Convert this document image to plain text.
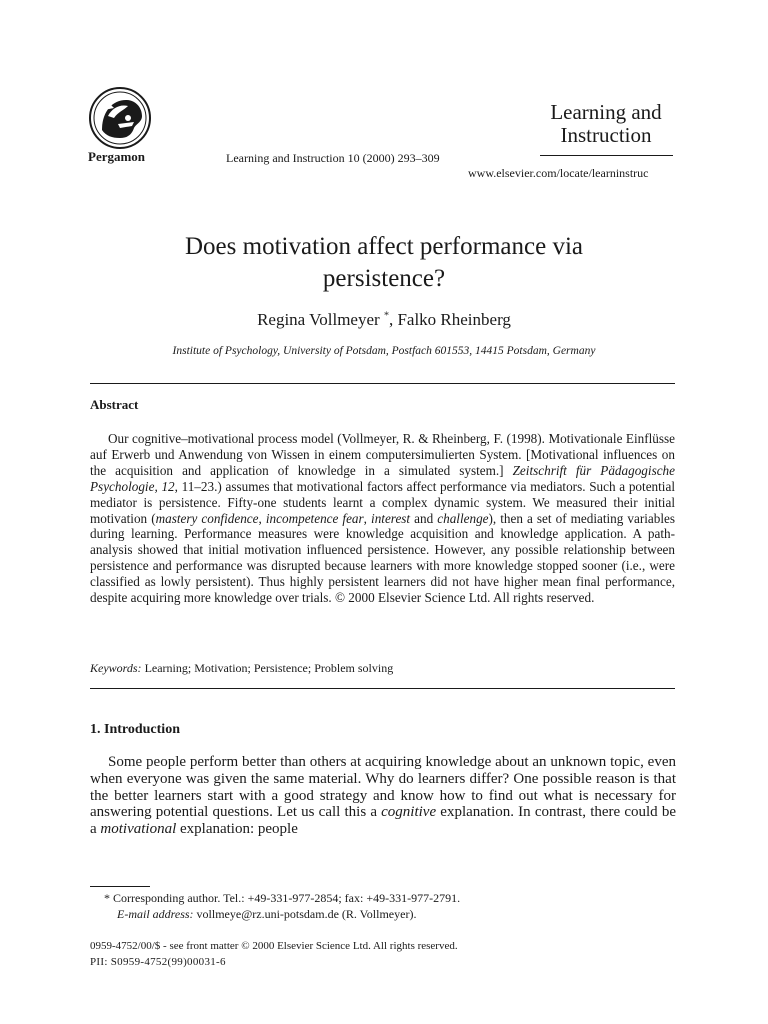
Pergamon	Learning and Instruction 10 (2000) 293–309
Learning and
Instruction
www.elsevier.com/locate/learninstruc
Does motivation affect performance via
persistence?
Regina Vollmeyer *, Falko Rheinberg
Institute of Psychology, University of Potsdam, Postfach 601553, 14415 Potsdam, Germany
Abstract

Our cognitive–motivational process model (Vollmeyer, R. & Rheinberg, F. (1998). Motivationale Einflüsse auf Erwerb und Anwendung von Wissen in einem computersimulierten System. [Motivational influences on the acquisition and application of knowledge in a simulated system.] Zeitschrift für Pädagogische Psychologie, 12, 11–23.) assumes that motivational factors affect performance via mediators. Such a potential mediator is persistence. Fifty-one students learnt a complex dynamic system. We measured their initial motivation (mastery confidence, incompetence fear, interest and challenge), then a set of mediating variables during learning. Performance measures were knowledge acquisition and knowledge application. A path-analysis showed that initial motivation influenced persistence. However, any possible relationship between persistence and performance was disrupted because learners with more knowledge stopped sooner (i.e., were classified as lowly persistent). Thus highly persistent learners did not have higher mean final performance, despite acquiring more knowledge over trials. © 2000 Elsevier Science Ltd. All rights reserved.

Keywords: Learning; Motivation; Persistence; Problem solving
1. Introduction

Some people perform better than others at acquiring knowledge about an unknown topic, even when everyone was given the same material. Why do learners differ? One possible reason is that the better learners start with a good strategy and know how to find out what is necessary for answering potential questions. Let us call this a cognitive explanation. In contrast, there could be a motivational explanation: people

* Corresponding author. Tel.: +49-331-977-2854; fax: +49-331-977-2791.
E-mail address: vollmeye@rz.uni-potsdam.de (R. Vollmeyer).
0959-4752/00/$ - see front matter © 2000 Elsevier Science Ltd. All rights reserved.
PII: S0959-4752(99)00031-6
